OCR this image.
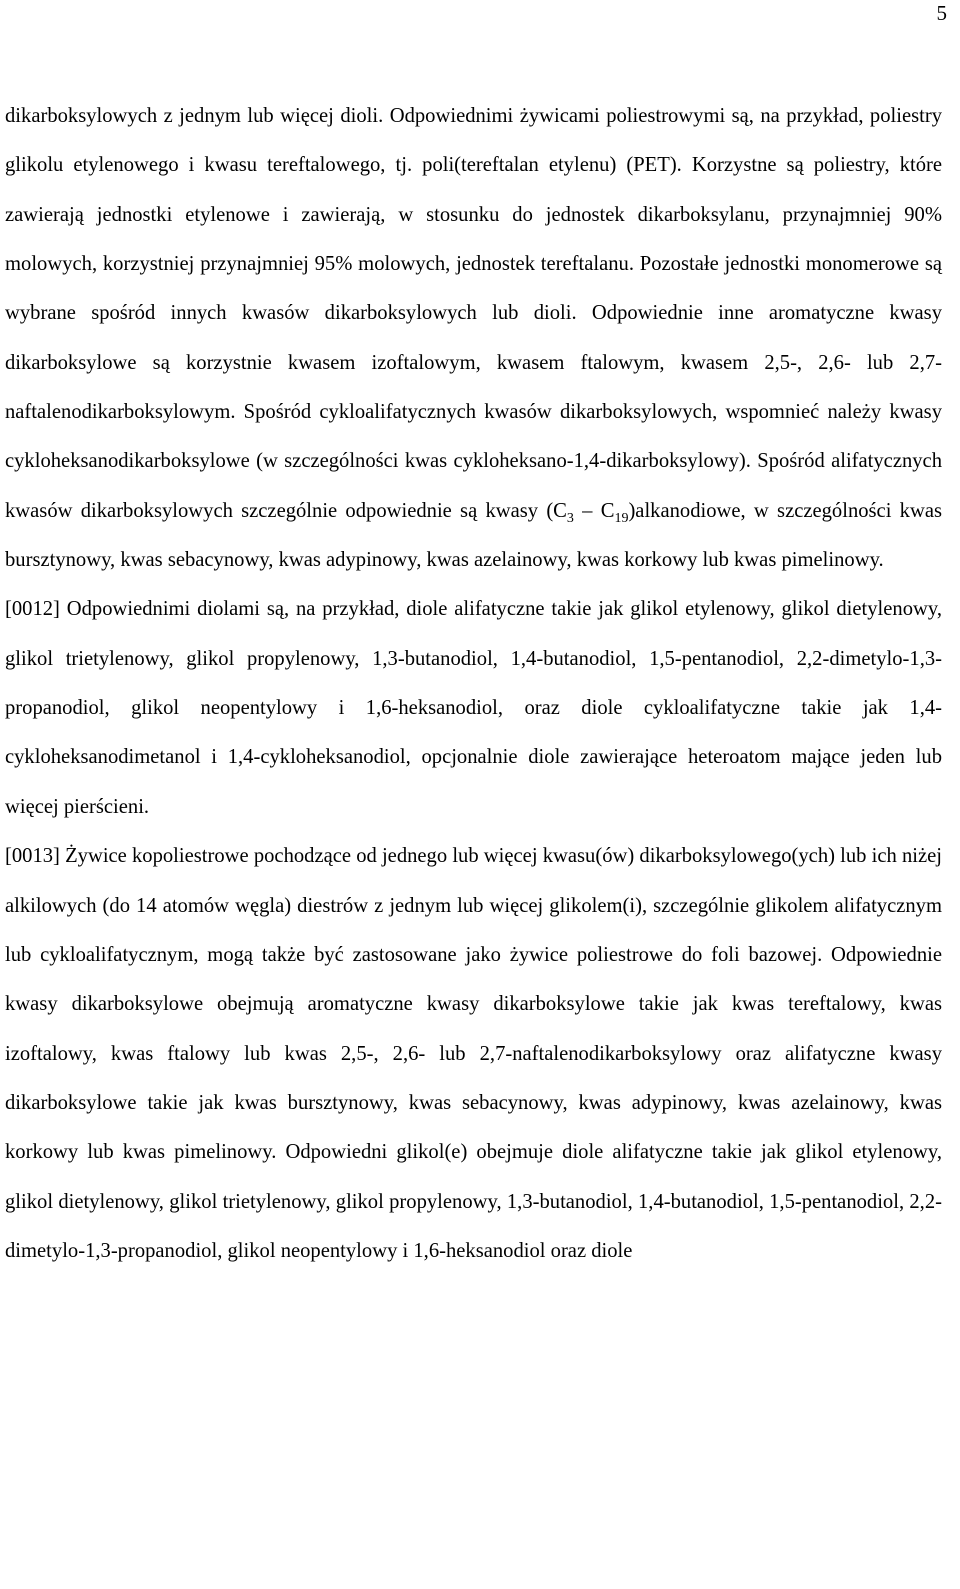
5

dikarboksylowych z jednym lub więcej dioli. Odpowiednimi żywicami poliestrowymi są, na przykład, poliestry glikolu etylenowego i kwasu tereftalowego, tj. poli(tereftalan etylenu) (PET). Korzystne są poliestry, które zawierają jednostki etylenowe i zawierają, w stosunku do jednostek dikarboksylanu, przynajmniej 90% molowych, korzystniej przynajmniej 95% molowych, jednostek tereftalanu. Pozostałe jednostki monomerowe są wybrane spośród innych kwasów dikarboksylowych lub dioli. Odpowiednie inne aromatyczne kwasy dikarboksylowe są korzystnie kwasem izoftalowym, kwasem ftalowym, kwasem 2,5-, 2,6- lub 2,7-naftalenodikarboksylowym. Spośród cykloalifatycznych kwasów dikarboksylowych, wspomnieć należy kwasy cykloheksanodikarboksylowe (w szczególności kwas cykloheksano-1,4-dikarboksylowy). Spośród alifatycznych kwasów dikarboksylowych szczególnie odpowiednie są kwasy ($C_3$ – $C_{19})alkanodiowe$, w szczególności kwas bursztynowy, kwas sebacynowy, kwas adypinowy, kwas azelainowy, kwas korkowy lub kwas pimelinowy.

[0012] Odpowiednimi diolami są, na przykład, diole alifatyczne takie jak glikol etylenowy, glikol dietylenowy, glikol trietylenowy, glikol propylenowy, 1,3-butanodiol, 1,4-butanodiol, 1,5-pentanodiol, 2,2-dimetylo-1,3-propanodiol, glikol neopentylowy i 1,6-heksanodiol, oraz diole cykloalifatyczne takie jak 1,4-cykloheksanodimetanol i 1,4-cykloheksanodiol, opcjonalnie diole zawierające heteroatom mające jeden lub więcej pierścieni.

[0013] Żywice kopoliestrowe pochodzące od jednego lub więcej kwasu(ów) dikarboksylowego(ych) lub ich niżej alkilowych (do 14 atomów węgla) diestrów z jednym lub więcej glikolem(i), szczególnie glikolem alifatycznym lub cykloalifatycznym, mogą także być zastosowane jako żywice poliestrowe do foli bazowej. Odpowiednie kwasy dikarboksylowe obejmują aromatyczne kwasy dikarboksylowe takie jak kwas tereftalowy, kwas izoftalowy, kwas ftalowy lub kwas 2,5-, 2,6- lub 2,7-naftalenodikarboksylowy oraz alifatyczne kwasy dikarboksylowe takie jak kwas bursztynowy, kwas sebacynowy, kwas adypinowy, kwas azelainowy, kwas korkowy lub kwas pimelinowy. Odpowiedni glikol(e) obejmuje diole alifatyczne takie jak glikol etylenowy, glikol dietylenowy, glikol trietylenowy, glikol propylenowy, 1,3-butanodiol, 1,4-butanodiol, 1,5-pentanodiol, 2,2-dimetylo-1,3-propanodiol, glikol neopentylowy i 1,6-heksanodiol oraz diole
